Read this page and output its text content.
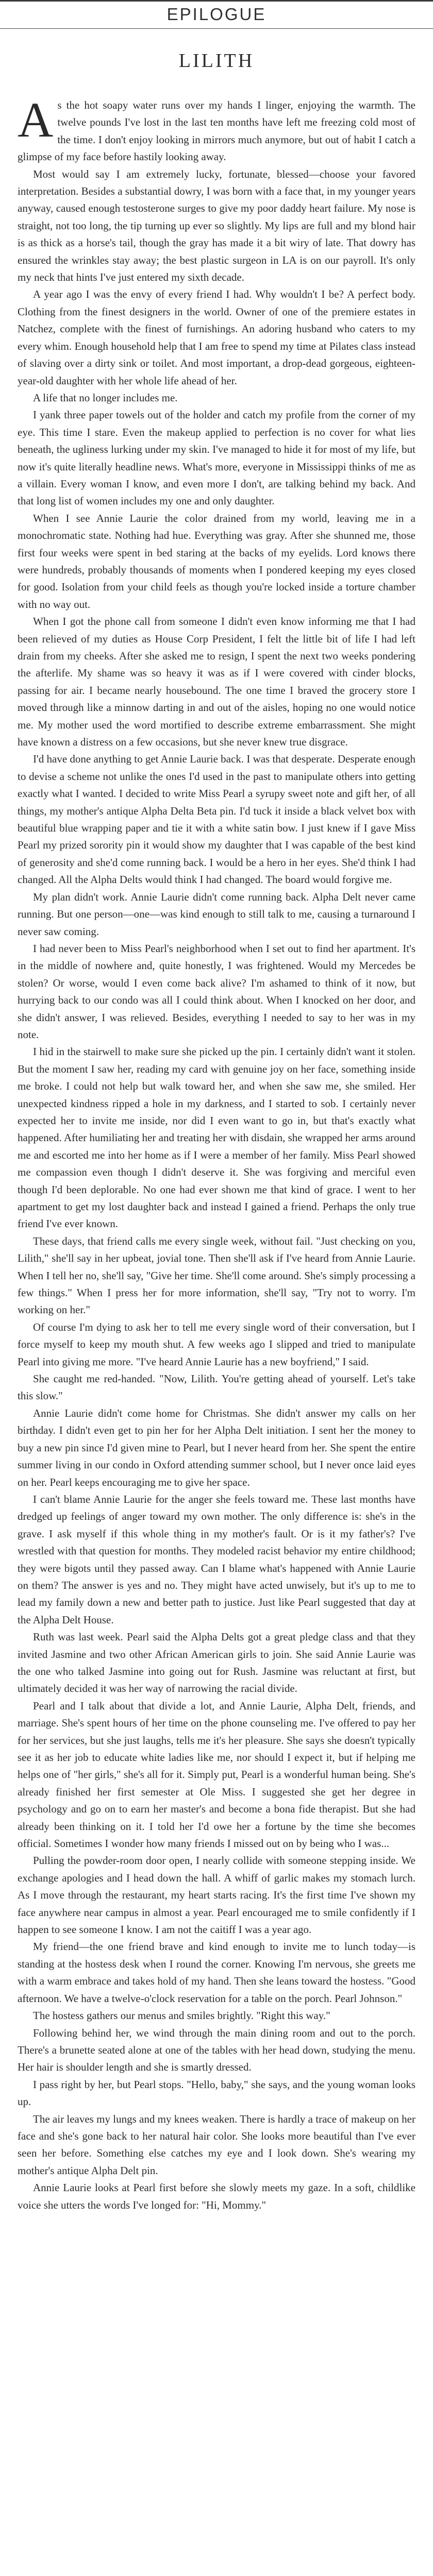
EPILOGUE
LILITH

As the hot soapy water runs over my hands I linger, enjoying the warmth. The twelve pounds I've lost in the last ten months have left me freezing cold most of the time. I don't enjoy looking in mirrors much anymore, but out of habit I catch a glimpse of my face before hastily looking away.

Most would say I am extremely lucky, fortunate, blessed—choose your favored interpretation. Besides a substantial dowry, I was born with a face that, in my younger years anyway, caused enough testosterone surges to give my poor daddy heart failure. My nose is straight, not too long, the tip turning up ever so slightly. My lips are full and my blond hair is as thick as a horse's tail, though the gray has made it a bit wiry of late. That dowry has ensured the wrinkles stay away; the best plastic surgeon in LA is on our payroll. It's only my neck that hints I've just entered my sixth decade.

A year ago I was the envy of every friend I had. Why wouldn't I be? A perfect body. Clothing from the finest designers in the world. Owner of one of the premiere estates in Natchez, complete with the finest of furnishings. An adoring husband who caters to my every whim. Enough household help that I am free to spend my time at Pilates class instead of slaving over a dirty sink or toilet. And most important, a drop-dead gorgeous, eighteen-year-old daughter with her whole life ahead of her.

A life that no longer includes me.

I yank three paper towels out of the holder and catch my profile from the corner of my eye. This time I stare. Even the makeup applied to perfection is no cover for what lies beneath, the ugliness lurking under my skin. I've managed to hide it for most of my life, but now it's quite literally headline news. What's more, everyone in Mississippi thinks of me as a villain. Every woman I know, and even more I don't, are talking behind my back. And that long list of women includes my one and only daughter.

When I see Annie Laurie the color drained from my world, leaving me in a monochromatic state. Nothing had hue. Everything was gray. After she shunned me, those first four weeks were spent in bed staring at the backs of my eyelids. Lord knows there were hundreds, probably thousands of moments when I pondered keeping my eyes closed for good. Isolation from your child feels as though you're locked inside a torture chamber with no way out.

When I got the phone call from someone I didn't even know informing me that I had been relieved of my duties as House Corp President, I felt the little bit of life I had left drain from my cheeks. After she asked me to resign, I spent the next two weeks pondering the afterlife. My shame was so heavy it was as if I were covered with cinder blocks, passing for air. I became nearly housebound. The one time I braved the grocery store I moved through like a minnow darting in and out of the aisles, hoping no one would notice me. My mother used the word mortified to describe extreme embarrassment. She might have known a distress on a few occasions, but she never knew true disgrace.

I'd have done anything to get Annie Laurie back. I was that desperate. Desperate enough to devise a scheme not unlike the ones I'd used in the past to manipulate others into getting exactly what I wanted. I decided to write Miss Pearl a syrupy sweet note and gift her, of all things, my mother's antique Alpha Delta Beta pin. I'd tuck it inside a black velvet box with beautiful blue wrapping paper and tie it with a white satin bow. I just knew if I gave Miss Pearl my prized sorority pin it would show my daughter that I was capable of the best kind of generosity and she'd come running back. I would be a hero in her eyes. She'd think I had changed. All the Alpha Delts would think I had changed. The board would forgive me.

My plan didn't work. Annie Laurie didn't come running back. Alpha Delt never came running. But one person—one—was kind enough to still talk to me, causing a turnaround I never saw coming.

I had never been to Miss Pearl's neighborhood when I set out to find her apartment. It's in the middle of nowhere and, quite honestly, I was frightened. Would my Mercedes be stolen? Or worse, would I even come back alive? I'm ashamed to think of it now, but hurrying back to our condo was all I could think about. When I knocked on her door, and she didn't answer, I was relieved. Besides, everything I needed to say to her was in my note.

I hid in the stairwell to make sure she picked up the pin. I certainly didn't want it stolen. But the moment I saw her, reading my card with genuine joy on her face, something inside me broke. I could not help but walk toward her, and when she saw me, she smiled. Her unexpected kindness ripped a hole in my darkness, and I started to sob. I certainly never expected her to invite me inside, nor did I even want to go in, but that's exactly what happened. After humiliating her and treating her with disdain, she wrapped her arms around me and escorted me into her home as if I were a member of her family. Miss Pearl showed me compassion even though I didn't deserve it. She was forgiving and merciful even though I'd been deplorable. No one had ever shown me that kind of grace. I went to her apartment to get my lost daughter back and instead I gained a friend. Perhaps the only true friend I've ever known.

These days, that friend calls me every single week, without fail. "Just checking on you, Lilith," she'll say in her upbeat, jovial tone. Then she'll ask if I've heard from Annie Laurie. When I tell her no, she'll say, "Give her time. She'll come around. She's simply processing a few things." When I press her for more information, she'll say, "Try not to worry. I'm working on her."

Of course I'm dying to ask her to tell me every single word of their conversation, but I force myself to keep my mouth shut. A few weeks ago I slipped and tried to manipulate Pearl into giving me more. "I've heard Annie Laurie has a new boyfriend," I said.

She caught me red-handed. "Now, Lilith. You're getting ahead of yourself. Let's take this slow."

Annie Laurie didn't come home for Christmas. She didn't answer my calls on her birthday. I didn't even get to pin her for her Alpha Delt initiation. I sent her the money to buy a new pin since I'd given mine to Pearl, but I never heard from her. She spent the entire summer living in our condo in Oxford attending summer school, but I never once laid eyes on her. Pearl keeps encouraging me to give her space.

I can't blame Annie Laurie for the anger she feels toward me. These last months have dredged up feelings of anger toward my own mother. The only difference is: she's in the grave. I ask myself if this whole thing in my mother's fault. Or is it my father's? I've wrestled with that question for months. They modeled racist behavior my entire childhood; they were bigots until they passed away. Can I blame what's happened with Annie Laurie on them? The answer is yes and no. They might have acted unwisely, but it's up to me to lead my family down a new and better path to justice. Just like Pearl suggested that day at the Alpha Delt House.

Ruth was last week. Pearl said the Alpha Delts got a great pledge class and that they invited Jasmine and two other African American girls to join. She said Annie Laurie was the one who talked Jasmine into going out for Rush. Jasmine was reluctant at first, but ultimately decided it was her way of narrowing the racial divide.

Pearl and I talk about that divide a lot, and Annie Laurie, Alpha Delt, friends, and marriage. She's spent hours of her time on the phone counseling me. I've offered to pay her for her services, but she just laughs, tells me it's her pleasure. She says she doesn't typically see it as her job to educate white ladies like me, nor should I expect it, but if helping me helps one of "her girls," she's all for it. Simply put, Pearl is a wonderful human being. She's already finished her first semester at Ole Miss. I suggested she get her degree in psychology and go on to earn her master's and become a bona fide therapist. But she had already been thinking on it. I told her I'd owe her a fortune by the time she becomes official. Sometimes I wonder how many friends I missed out on by being who I was...

Pulling the powder-room door open, I nearly collide with someone stepping inside. We exchange apologies and I head down the hall. A whiff of garlic makes my stomach lurch. As I move through the restaurant, my heart starts racing. It's the first time I've shown my face anywhere near campus in almost a year. Pearl encouraged me to smile confidently if I happen to see someone I know. I am not the caitiff I was a year ago.

My friend—the one friend brave and kind enough to invite me to lunch today—is standing at the hostess desk when I round the corner. Knowing I'm nervous, she greets me with a warm embrace and takes hold of my hand. Then she leans toward the hostess. "Good afternoon. We have a twelve-o'clock reservation for a table on the porch. Pearl Johnson."

The hostess gathers our menus and smiles brightly. "Right this way."

Following behind her, we wind through the main dining room and out to the porch. There's a brunette seated alone at one of the tables with her head down, studying the menu. Her hair is shoulder length and she is smartly dressed.

I pass right by her, but Pearl stops. "Hello, baby," she says, and the young woman looks up.

The air leaves my lungs and my knees weaken. There is hardly a trace of makeup on her face and she's gone back to her natural hair color. She looks more beautiful than I've ever seen her before. Something else catches my eye and I look down. She's wearing my mother's antique Alpha Delt pin.

Annie Laurie looks at Pearl first before she slowly meets my gaze. In a soft, childlike voice she utters the words I've longed for: "Hi, Mommy."
